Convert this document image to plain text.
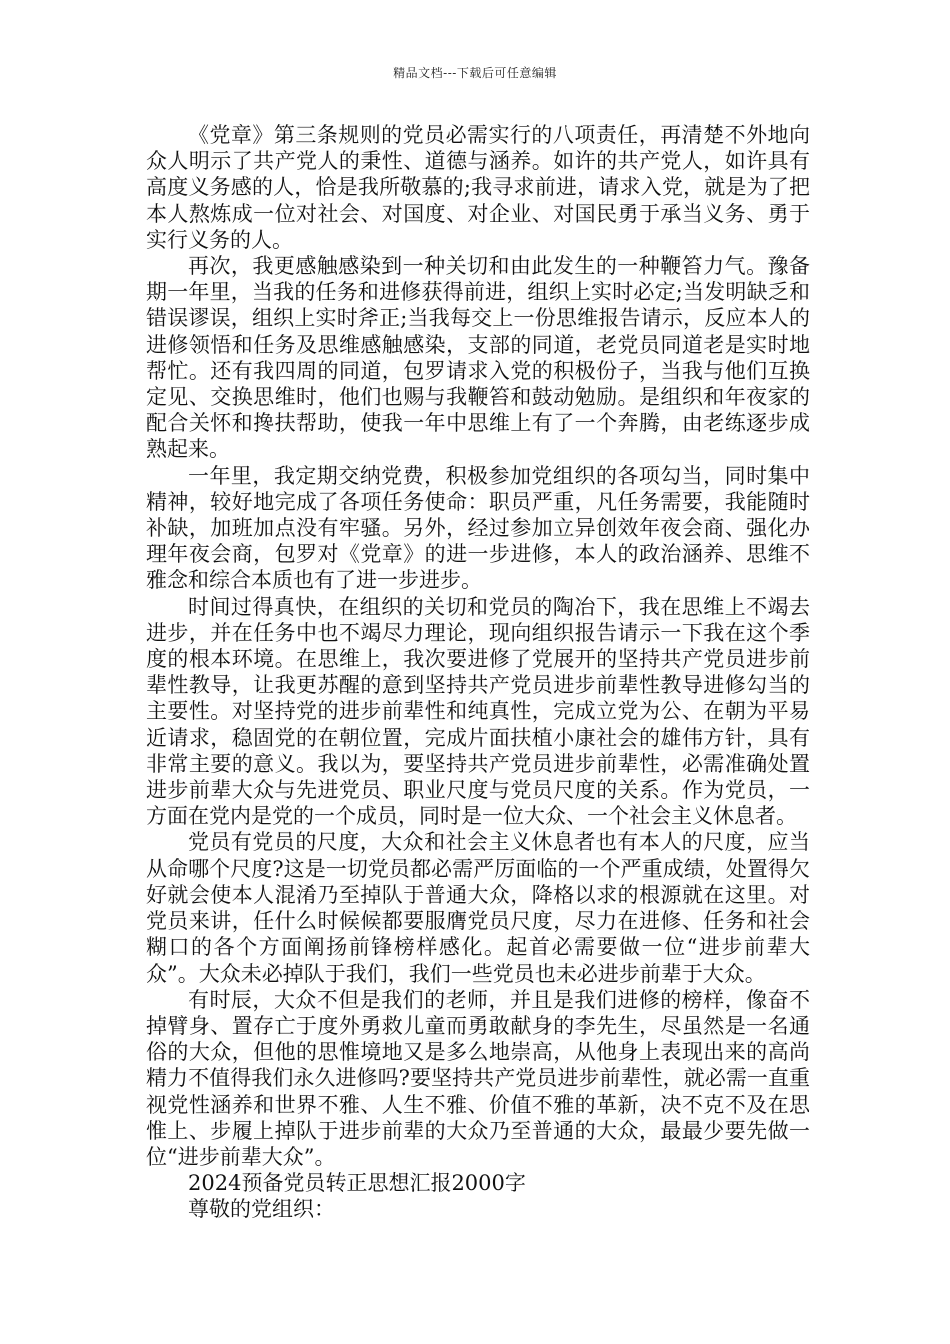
精品文档---下载后可任意编辑

《党章》第三条规则的党员必需实行的八项责任，再清楚不外地向众人明示了共产党人的秉性、道德与涵养。如许的共产党人，如许具有高度义务感的人，恰是我所敬慕的;我寻求前进，请求入党，就是为了把本人熬炼成一位对社会、对国度、对企业、对国民勇于承当义务、勇于实行义务的人。

再次，我更感触感染到一种关切和由此发生的一种鞭笞力气。豫备期一年里，当我的任务和进修获得前进，组织上实时必定;当发明缺乏和错误谬误，组织上实时斧正;当我每交上一份思维报告请示，反应本人的进修领悟和任务及思维感触感染，支部的同道，老党员同道老是实时地帮忙。还有我四周的同道，包罗请求入党的积极份子，当我与他们互换定见、交换思维时，他们也赐与我鞭笞和鼓动勉励。是组织和年夜家的配合关怀和搀扶帮助，使我一年中思维上有了一个奔腾，由老练逐步成熟起来。

一年里，我定期交纳党费，积极参加党组织的各项勾当，同时集中精神，较好地完成了各项任务使命：职员严重，凡任务需要，我能随时补缺，加班加点没有牢骚。另外，经过参加立异创效年夜会商、强化办理年夜会商，包罗对《党章》的进一步进修，本人的政治涵养、思维不雅念和综合本质也有了进一步进步。

时间过得真快，在组织的关切和党员的陶冶下，我在思维上不竭去进步，并在任务中也不竭尽力理论，现向组织报告请示一下我在这个季度的根本环境。在思维上，我次要进修了党展开的坚持共产党员进步前辈性教导，让我更苏醒的意到坚持共产党员进步前辈性教导进修勾当的主要性。对坚持党的进步前辈性和纯真性，完成立党为公、在朝为平易近请求，稳固党的在朝位置，完成片面扶植小康社会的雄伟方针，具有非常主要的意义。我以为，要坚持共产党员进步前辈性，必需准确处置进步前辈大众与先进党员、职业尺度与党员尺度的关系。作为党员，一方面在党内是党的一个成员，同时是一位大众、一个社会主义休息者。

党员有党员的尺度，大众和社会主义休息者也有本人的尺度，应当从命哪个尺度?这是一切党员都必需严厉面临的一个严重成绩，处置得欠好就会使本人混淆乃至掉队于普通大众，降格以求的根源就在这里。对党员来讲，任什么时候候都要服膺党员尺度，尽力在进修、任务和社会糊口的各个方面阐扬前锋榜样感化。起首必需要做一位“进步前辈大众”。大众未必掉队于我们，我们一些党员也未必进步前辈于大众。

有时辰，大众不但是我们的老师，并且是我们进修的榜样，像奋不掉臂身、置存亡于度外勇救儿童而勇敢献身的李先生，尽虽然是一名通俗的大众，但他的思惟境地又是多么地崇高，从他身上表现出来的高尚精力不值得我们永久进修吗?要坚持共产党员进步前辈性，就必需一直重视党性涵养和世界不雅、人生不雅、价值不雅的革新，决不克不及在思惟上、步履上掉队于进步前辈的大众乃至普通的大众，最最少要先做一位“进步前辈大众”。

2024预备党员转正思想汇报2000字

尊敬的党组织：
